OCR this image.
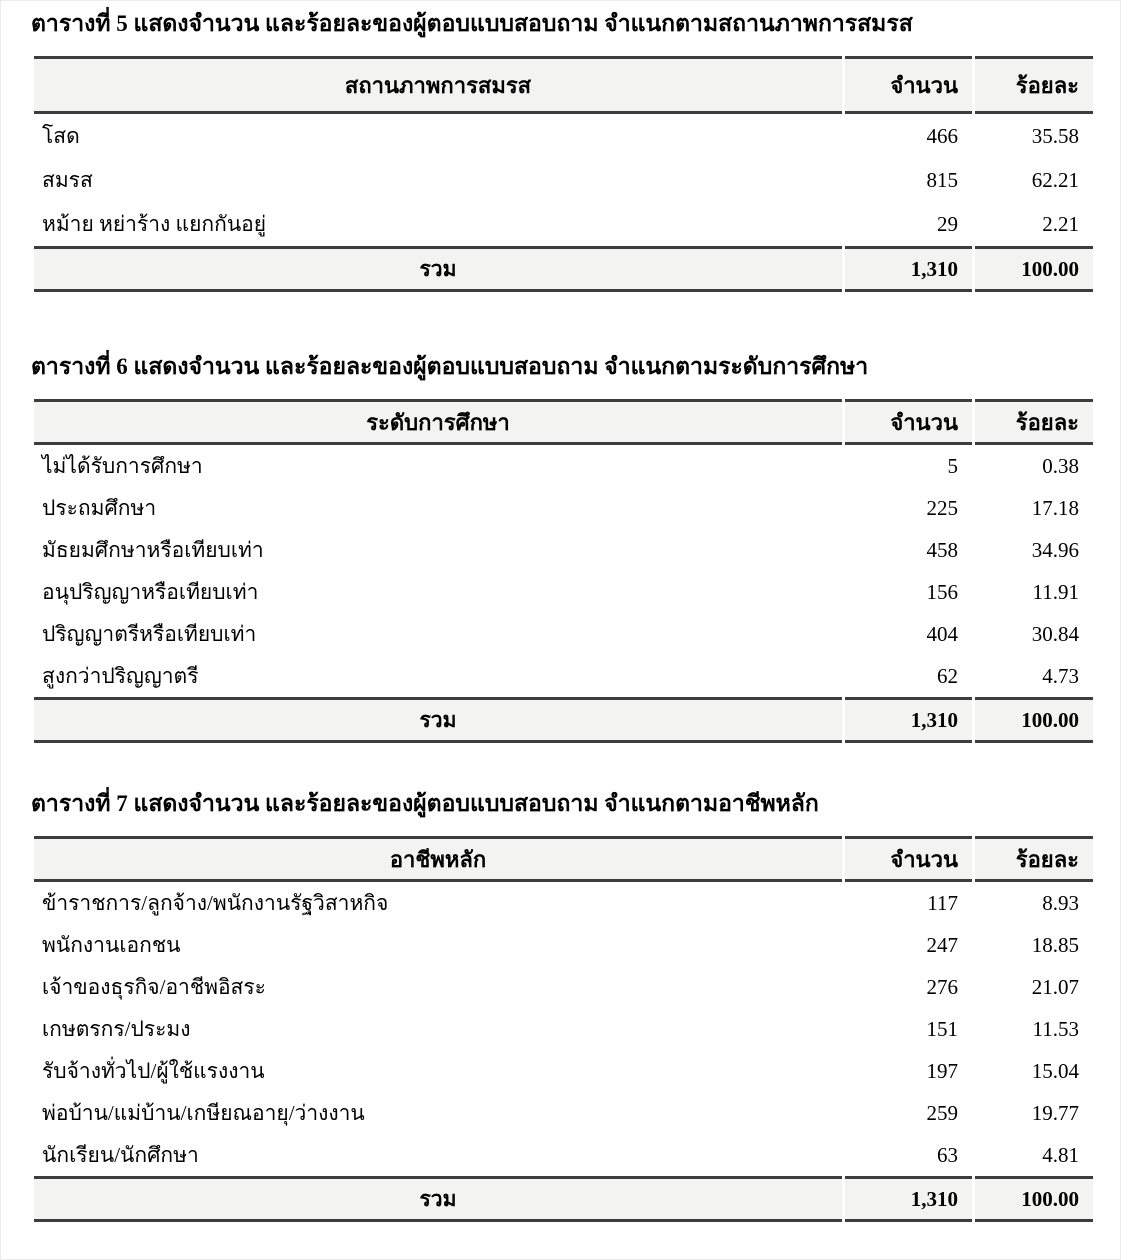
ตารางที่ 5 แสดงจำนวน และร้อยละของผู้ตอบแบบสอบถาม จำแนกตามสถานภาพการสมรส
สถานภาพการสมรส	จำนวน	ร้อยละ
โสด	466	35.58
สมรส	815	62.21
หม้าย หย่าร้าง แยกกันอยู่	29	2.21
รวม	1,310	100.00
ตารางที่ 6 แสดงจำนวน และร้อยละของผู้ตอบแบบสอบถาม จำแนกตามระดับการศึกษา
ระดับการศึกษา	จำนวน	ร้อยละ
ไม่ได้รับการศึกษา	5	0.38
ประถมศึกษา	225	17.18
มัธยมศึกษาหรือเทียบเท่า	458	34.96
อนุปริญญาหรือเทียบเท่า	156	11.91
ปริญญาตรีหรือเทียบเท่า	404	30.84
สูงกว่าปริญญาตรี	62	4.73
รวม	1,310	100.00
ตารางที่ 7 แสดงจำนวน และร้อยละของผู้ตอบแบบสอบถาม จำแนกตามอาชีพหลัก
อาชีพหลัก	จำนวน	ร้อยละ
ข้าราชการ/ลูกจ้าง/พนักงานรัฐวิสาหกิจ	117	8.93
พนักงานเอกชน	247	18.85
เจ้าของธุรกิจ/อาชีพอิสระ	276	21.07
เกษตรกร/ประมง	151	11.53
รับจ้างทั่วไป/ผู้ใช้แรงงาน	197	15.04
พ่อบ้าน/แม่บ้าน/เกษียณอายุ/ว่างงาน	259	19.77
นักเรียน/นักศึกษา	63	4.81
รวม	1,310	100.00
